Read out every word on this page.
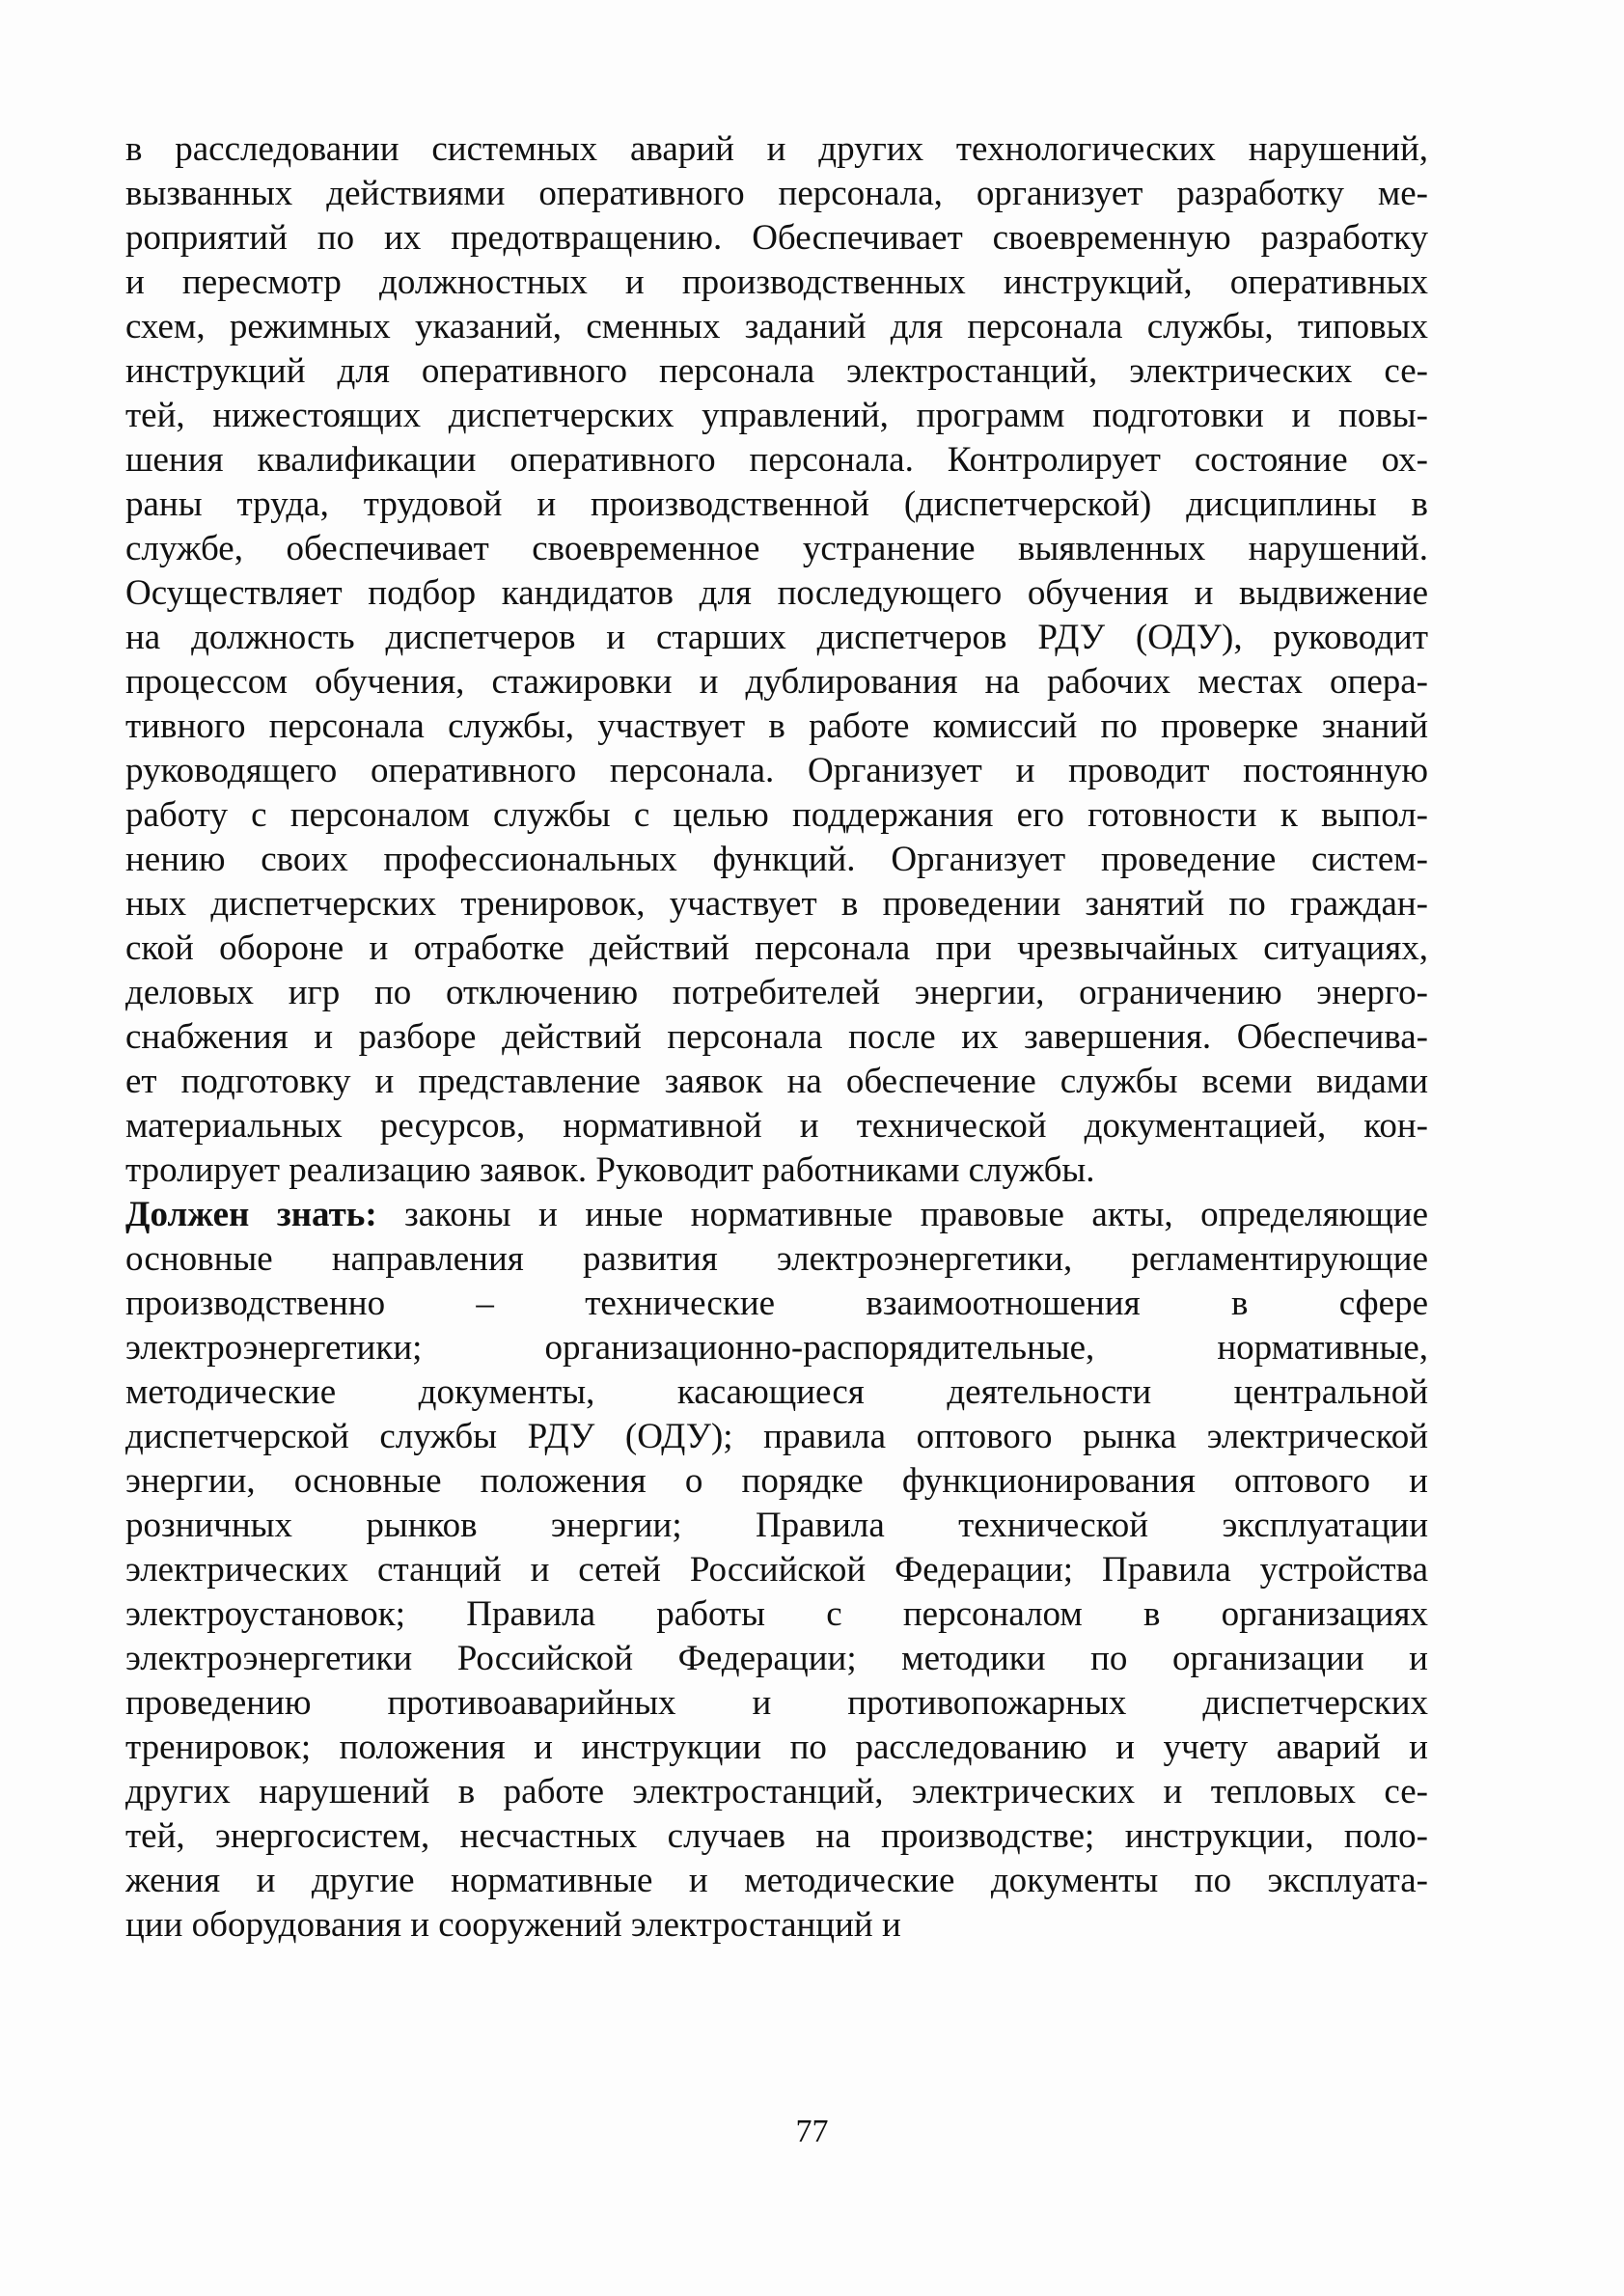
в расследовании системных аварий и других технологических нарушений,
вызванных действиями оперативного персонала, организует разработку ме-
роприятий по их предотвращению. Обеспечивает своевременную разработку
и пересмотр должностных и производственных инструкций, оперативных
схем, режимных указаний, сменных заданий для персонала службы, типовых
инструкций для оперативного персонала электростанций, электрических се-
тей, нижестоящих диспетчерских управлений, программ подготовки и повы-
шения квалификации оперативного персонала. Контролирует состояние ох-
раны труда, трудовой и производственной (диспетчерской) дисциплины в
службе, обеспечивает своевременное устранение выявленных нарушений.
Осуществляет подбор кандидатов для последующего обучения и выдвижение
на должность диспетчеров и старших диспетчеров РДУ (ОДУ), руководит
процессом обучения, стажировки и дублирования на рабочих местах опера-
тивного персонала службы, участвует в работе комиссий по проверке знаний
руководящего оперативного персонала. Организует и проводит постоянную
работу с персоналом службы с целью поддержания его готовности к выпол-
нению своих профессиональных функций. Организует проведение систем-
ных диспетчерских тренировок, участвует в проведении занятий по граждан-
ской обороне и отработке действий персонала при чрезвычайных ситуациях,
деловых игр по отключению потребителей энергии, ограничению энерго-
снабжения и разборе действий персонала после их завершения. Обеспечива-
ет подготовку и представление заявок на обеспечение службы всеми видами
материальных ресурсов, нормативной и технической документацией, кон-
тролирует реализацию заявок. Руководит работниками службы.
Должен знать: законы и иные нормативные правовые акты, определяющие
основные направления развития электроэнергетики, регламентирующие
производственно – технические взаимоотношения в сфере
электроэнергетики; организационно-распорядительные, нормативные,
методические документы, касающиеся деятельности центральной
диспетчерской службы РДУ (ОДУ); правила оптового рынка электрической
энергии, основные положения о порядке функционирования оптового и
розничных рынков энергии; Правила технической эксплуатации
электрических станций и сетей Российской Федерации; Правила устройства
электроустановок; Правила работы с персоналом в организациях
электроэнергетики Российской Федерации; методики по организации и
проведению противоаварийных и противопожарных диспетчерских
тренировок; положения и инструкции по расследованию и учету аварий и
других нарушений в работе электростанций, электрических и тепловых се-
тей, энергосистем, несчастных случаев на производстве; инструкции, поло-
жения и другие нормативные и методические документы по эксплуата-
ции оборудования и сооружений электростанций и
77
